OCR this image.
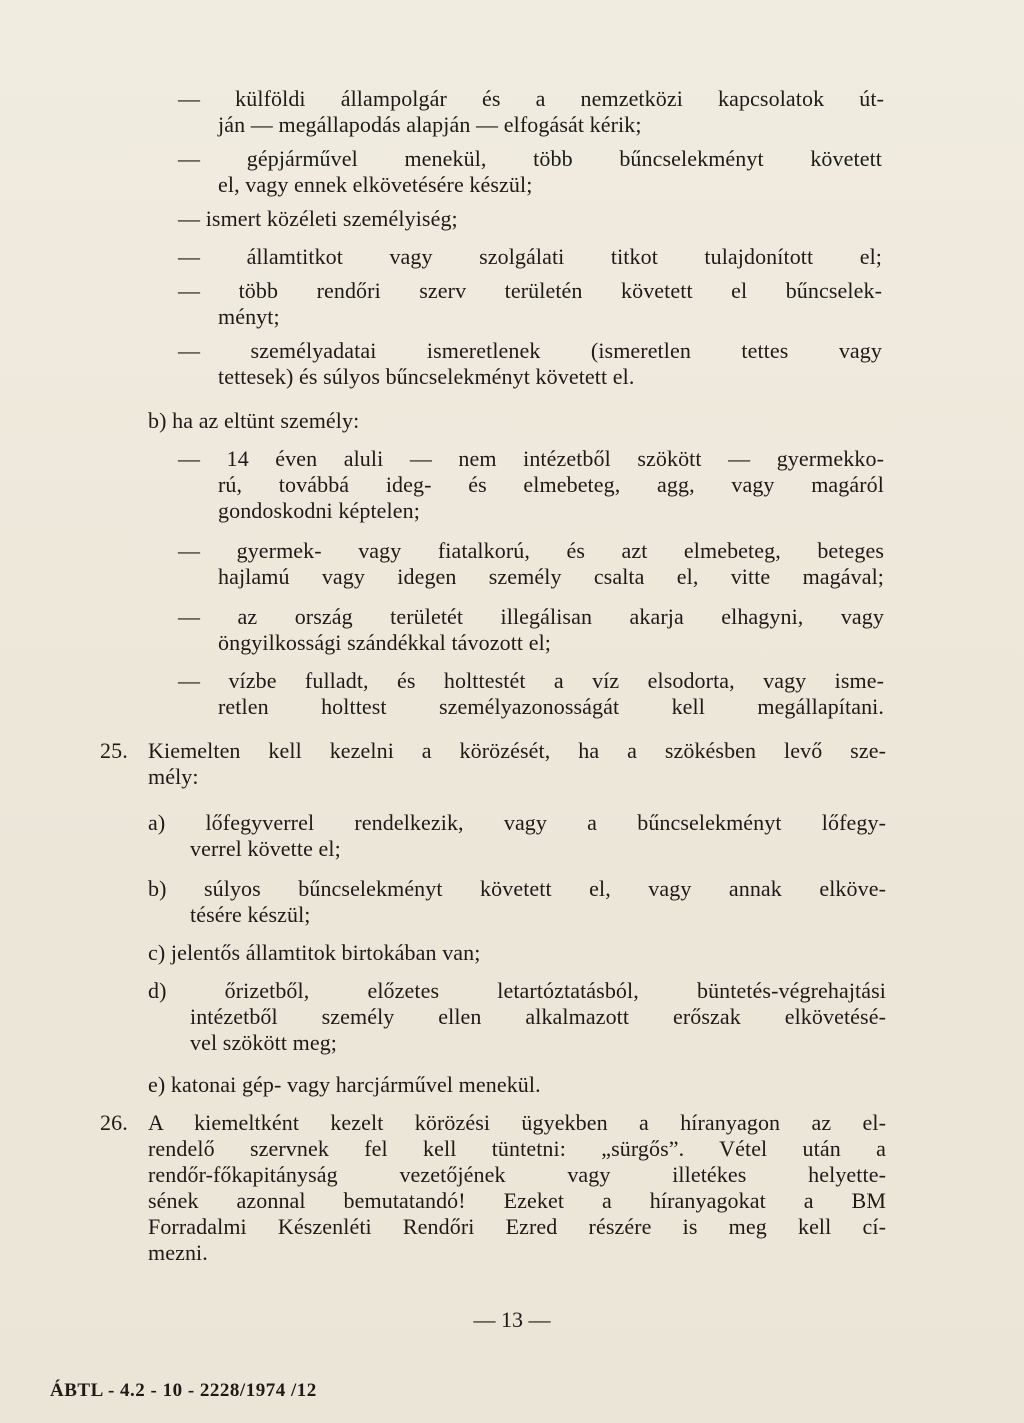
— külföldi állampolgár és a nemzetközi kapcsolatok út-
ján — megállapodás alapján — elfogását kérik;
— gépjárművel menekül, több bűncselekményt követett
el, vagy ennek elkövetésére készül;
— ismert közéleti személyiség;
— államtitkot vagy szolgálati titkot tulajdonított el;
— több rendőri szerv területén követett el bűncselek-
ményt;
— személyadatai ismeretlenek (ismeretlen tettes vagy
tettesek) és súlyos bűncselekményt követett el.
b) ha az eltünt személy:
— 14 éven aluli — nem intézetből szökött — gyermekko-
rú, továbbá ideg- és elmebeteg, agg, vagy magáról
gondoskodni képtelen;
— gyermek- vagy fiatalkorú, és azt elmebeteg, beteges
hajlamú vagy idegen személy csalta el, vitte magával;
— az ország területét illegálisan akarja elhagyni, vagy
öngyilkossági szándékkal távozott el;
— vízbe fulladt, és holttestét a víz elsodorta, vagy isme-
retlen holttest személyazonosságát kell megállapítani.
25. Kiemelten kell kezelni a körözését, ha a szökésben levő sze-
mély:
a) lőfegyverrel rendelkezik, vagy a bűncselekményt lőfegy-
verrel követte el;
b) súlyos bűncselekményt követett el, vagy annak elköve-
tésére készül;
c) jelentős államtitok birtokában van;
d) őrizetből, előzetes letartóztatásból, büntetés-végrehajtási
intézetből személy ellen alkalmazott erőszak elkövetésé-
vel szökött meg;
e) katonai gép- vagy harcjárművel menekül.
26. A kiemeltként kezelt körözési ügyekben a híranyagon az el-
rendelő szervnek fel kell tüntetni: „sürgős”. Vétel után a
rendőr-főkapitányság vezetőjének vagy illetékes helyette-
sének azonnal bemutatandó! Ezeket a híranyagokat a BM
Forradalmi Készenléti Rendőri Ezred részére is meg kell cí-
mezni.
— 13 —
ÁBTL - 4.2 - 10 - 2228/1974 /12
